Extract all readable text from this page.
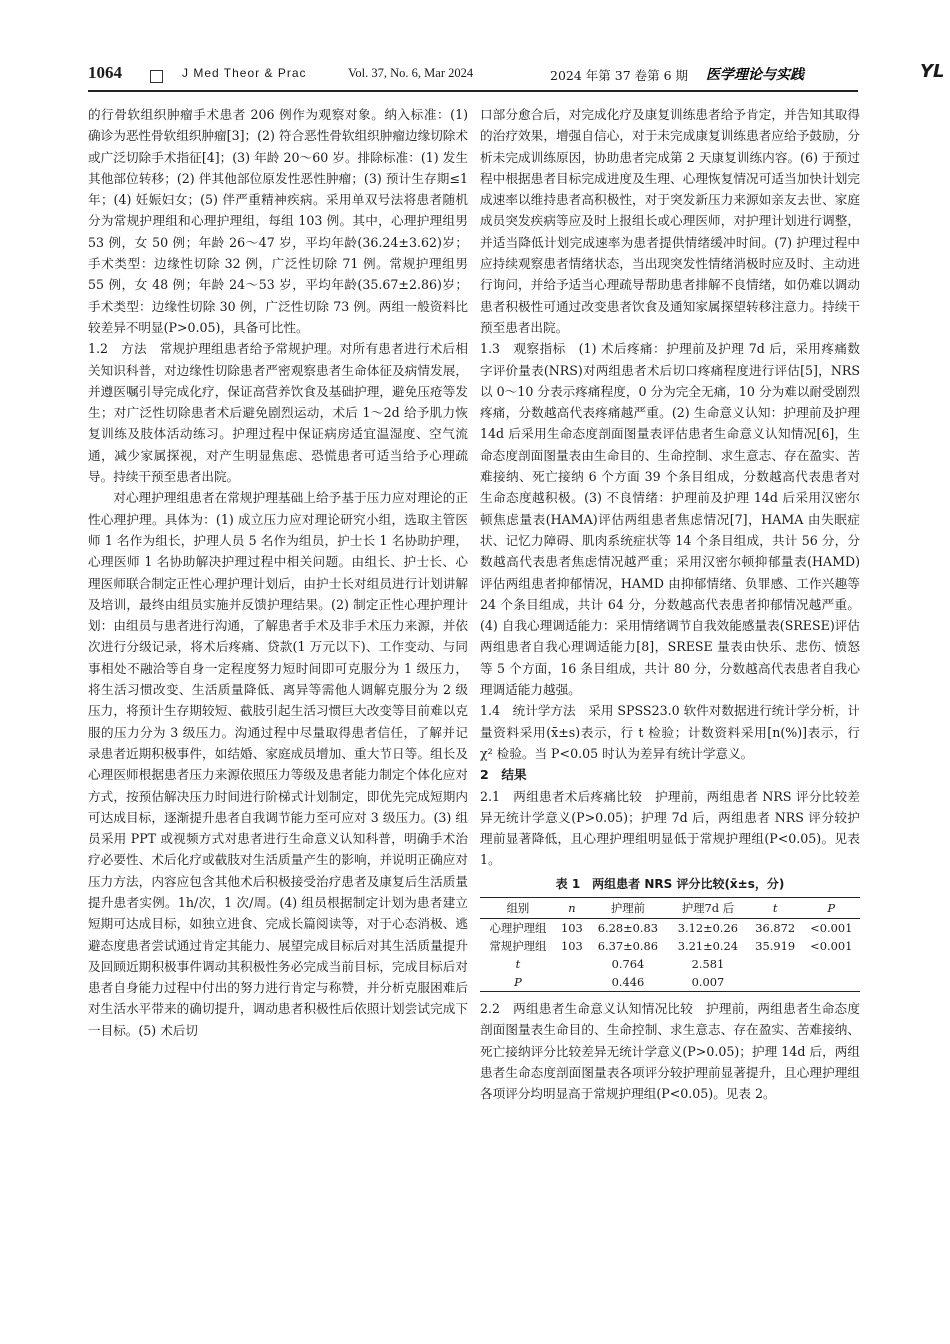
1064	J Med Theor & Prac	Vol. 37, No. 6, Mar 2024	2024 年第 37 卷第 6 期 医学理论与实践	YL

的行骨软组织肿瘤手术患者 206 例作为观察对象。纳入标准：(1) 确诊为恶性骨软组织肿瘤[3]；(2) 符合恶性骨软组织肿瘤边缘切除术或广泛切除手术指征[4]；(3) 年龄 20～60 岁。排除标准：(1) 发生其他部位转移；(2) 伴其他部位原发性恶性肿瘤；(3) 预计生存期≤1 年；(4) 妊娠妇女；(5) 伴严重精神疾病。采用单双号法将患者随机分为常规护理组和心理护理组，每组 103 例。其中，心理护理组男 53 例，女 50 例；年龄 26～47 岁，平均年龄(36.24±3.62)岁；手术类型：边缘性切除 32 例，广泛性切除 71 例。常规护理组男 55 例，女 48 例；年龄 24～53 岁，平均年龄(35.67±2.86)岁；手术类型：边缘性切除 30 例，广泛性切除 73 例。两组一般资料比较差异不明显(P>0.05)，具备可比性。

1.2　方法　常规护理组患者给予常规护理。对所有患者进行术后相关知识科普，对边缘性切除患者严密观察患者生命体征及病情发展，并遵医嘱引导完成化疗，保证高营养饮食及基础护理，避免压疮等发生；对广泛性切除患者术后避免剧烈运动，术后 1～2d 给予肌力恢复训练及肢体活动练习。护理过程中保证病房适宜温湿度、空气流通，减少家属探视，对产生明显焦虑、恐慌患者可适当给予心理疏导。持续干预至患者出院。

对心理护理组患者在常规护理基础上给予基于压力应对理论的正性心理护理。具体为：(1) 成立压力应对理论研究小组，选取主管医师 1 名作为组长，护理人员 5 名作为组员，护士长 1 名协助护理，心理医师 1 名协助解决护理过程中相关问题。由组长、护士长、心理医师联合制定正性心理护理计划后，由护士长对组员进行计划讲解及培训，最终由组员实施并反馈护理结果。(2) 制定正性心理护理计划：由组员与患者进行沟通，了解患者手术及非手术压力来源，并依次进行分级记录，将术后疼痛、贷款(1 万元以下)、工作变动、与同事相处不融洽等自身一定程度努力短时间即可克服分为 1 级压力，将生活习惯改变、生活质量降低、离异等需他人调解克服分为 2 级压力，将预计生存期较短、截肢引起生活习惯巨大改变等目前难以克服的压力分为 3 级压力。沟通过程中尽量取得患者信任，了解并记录患者近期积极事件，如结婚、家庭成员增加、重大节日等。组长及心理医师根据患者压力来源依照压力等级及患者能力制定个体化应对方式，按预估解决压力时间进行阶梯式计划制定，即优先完成短期内可达成目标，逐渐提升患者自我调节能力至可应对 3 级压力。(3) 组员采用 PPT 或视频方式对患者进行生命意义认知科普，明确手术治疗必要性、术后化疗或截肢对生活质量产生的影响，并说明正确应对压力方法，内容应包含其他术后积极接受治疗患者及康复后生活质量提升患者实例。1h/次，1 次/周。(4) 组员根据制定计划为患者建立短期可达成目标，如独立进食、完成长篇阅读等，对于心态消极、逃避态度患者尝试通过肯定其能力、展望完成目标后对其生活质量提升及回顾近期积极事件调动其积极性务必完成当前目标，完成目标后对患者自身能力过程中付出的努力进行肯定与称赞，并分析克服困难后对生活水平带来的确切提升，调动患者积极性后依照计划尝试完成下一目标。(5) 术后切

口部分愈合后，对完成化疗及康复训练患者给予肯定，并告知其取得的治疗效果，增强自信心，对于未完成康复训练患者应给予鼓励，分析未完成训练原因，协助患者完成第 2 天康复训练内容。(6) 于预过程中根据患者目标完成进度及生理、心理恢复情况可适当加快计划完成速率以维持患者高积极性，对于突发新压力来源如亲友去世、家庭成员突发疾病等应及时上报组长或心理医师，对护理计划进行调整，并适当降低计划完成速率为患者提供情绪缓冲时间。(7) 护理过程中应持续观察患者情绪状态，当出现突发性情绪消极时应及时、主动进行询问，并给予适当心理疏导帮助患者排解不良情绪，如仍难以调动患者积极性可通过改变患者饮食及通知家属探望转移注意力。持续干预至患者出院。

1.3　观察指标　(1) 术后疼痛：护理前及护理 7d 后，采用疼痛数字评价量表(NRS)对两组患者术后切口疼痛程度进行评估[5]，NRS 以 0～10 分表示疼痛程度，0 分为完全无痛，10 分为难以耐受剧烈疼痛，分数越高代表疼痛越严重。(2) 生命意义认知：护理前及护理 14d 后采用生命态度剖面图量表评估患者生命意义认知情况[6]，生命态度剖面图量表由生命目的、生命控制、求生意志、存在盈实、苦难接纳、死亡接纳 6 个方面 39 个条目组成，分数越高代表患者对生命态度越积极。(3) 不良情绪：护理前及护理 14d 后采用汉密尔顿焦虑量表(HAMA)评估两组患者焦虑情况[7]，HAMA 由失眠症状、记忆力障碍、肌肉系统症状等 14 个条目组成，共计 56 分，分数越高代表患者焦虑情况越严重；采用汉密尔顿抑郁量表(HAMD)评估两组患者抑郁情况，HAMD 由抑郁情绪、负罪感、工作兴趣等 24 个条目组成，共计 64 分，分数越高代表患者抑郁情况越严重。(4) 自我心理调适能力：采用情绪调节自我效能感量表(SRESE)评估两组患者自我心理调适能力[8]，SRESE 量表由快乐、悲伤、愤怒等 5 个方面，16 条目组成，共计 80 分，分数越高代表患者自我心理调适能力越强。

1.4　统计学方法　采用 SPSS23.0 软件对数据进行统计学分析，计量资料采用(x̄±s)表示，行 t 检验；计数资料采用[n(%)]表示，行 χ² 检验。当 P<0.05 时认为差异有统计学意义。

2　结果

2.1　两组患者术后疼痛比较　护理前，两组患者 NRS 评分比较差异无统计学意义(P>0.05)；护理 7d 后，两组患者 NRS 评分较护理前显著降低，且心理护理组明显低于常规护理组(P<0.05)。见表 1。

表 1　两组患者 NRS 评分比较(x̄±s，分)
组别	n	护理前	护理7d 后	t	P
心理护理组	103	6.28±0.83	3.12±0.26	36.872	<0.001
常规护理组	103	6.37±0.86	3.21±0.24	35.919	<0.001
t		0.764	2.581		
P		0.446	0.007		

2.2　两组患者生命意义认知情况比较　护理前，两组患者生命态度剖面图量表生命目的、生命控制、求生意志、存在盈实、苦难接纳、死亡接纳评分比较差异无统计学意义(P>0.05)；护理 14d 后，两组患者生命态度剖面图量表各项评分较护理前显著提升，且心理护理组各项评分均明显高于常规护理组(P<0.05)。见表 2。
